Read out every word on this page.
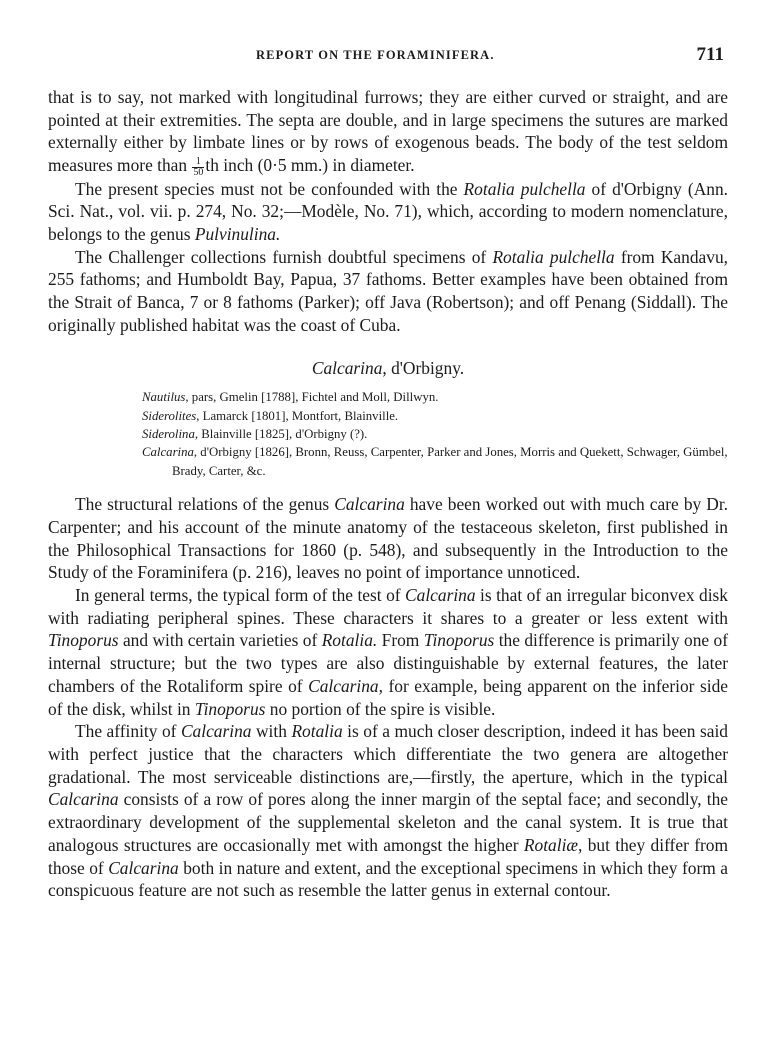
REPORT ON THE FORAMINIFERA.	711

that is to say, not marked with longitudinal furrows; they are either curved or straight, and are pointed at their extremities. The septa are double, and in large specimens the sutures are marked externally either by limbate lines or by rows of exogenous beads. The body of the test seldom measures more than $\frac{1}{50}$ th inch (0·5 mm.) in diameter.

The present species must not be confounded with the Rotalia pulchella of d'Orbigny (Ann. Sci. Nat., vol. vii. p. 274, No. 32;—Modèle, No. 71), which, according to modern nomenclature, belongs to the genus Pulvinulina.

The Challenger collections furnish doubtful specimens of Rotalia pulchella from Kandavu, 255 fathoms; and Humboldt Bay, Papua, 37 fathoms. Better examples have been obtained from the Strait of Banca, 7 or 8 fathoms (Parker); off Java (Robertson); and off Penang (Siddall). The originally published habitat was the coast of Cuba.

Calcarina, d'Orbigny.
Nautilus, pars, Gmelin [1788], Fichtel and Moll, Dillwyn.
Siderolites, Lamarck [1801], Montfort, Blainville.
Siderolina, Blainville [1825], d'Orbigny (?).
Calcarina, d'Orbigny [1826], Bronn, Reuss, Carpenter, Parker and Jones, Morris and Quekett, Schwager, Gümbel, Brady, Carter, &c.

The structural relations of the genus Calcarina have been worked out with much care by Dr. Carpenter; and his account of the minute anatomy of the testaceous skeleton, first published in the Philosophical Transactions for 1860 (p. 548), and subsequently in the Introduction to the Study of the Foraminifera (p. 216), leaves no point of importance unnoticed.

In general terms, the typical form of the test of Calcarina is that of an irregular biconvex disk with radiating peripheral spines. These characters it shares to a greater or less extent with Tinoporus and with certain varieties of Rotalia. From Tinoporus the difference is primarily one of internal structure; but the two types are also distinguishable by external features, the later chambers of the Rotaliform spire of Calcarina, for example, being apparent on the inferior side of the disk, whilst in Tinoporus no portion of the spire is visible.

The affinity of Calcarina with Rotalia is of a much closer description, indeed it has been said with perfect justice that the characters which differentiate the two genera are altogether gradational. The most serviceable distinctions are,—firstly, the aperture, which in the typical Calcarina consists of a row of pores along the inner margin of the septal face; and secondly, the extraordinary development of the supplemental skeleton and the canal system. It is true that analogous structures are occasionally met with amongst the higher Rotaliæ, but they differ from those of Calcarina both in nature and extent, and the exceptional specimens in which they form a conspicuous feature are not such as resemble the latter genus in external contour.
